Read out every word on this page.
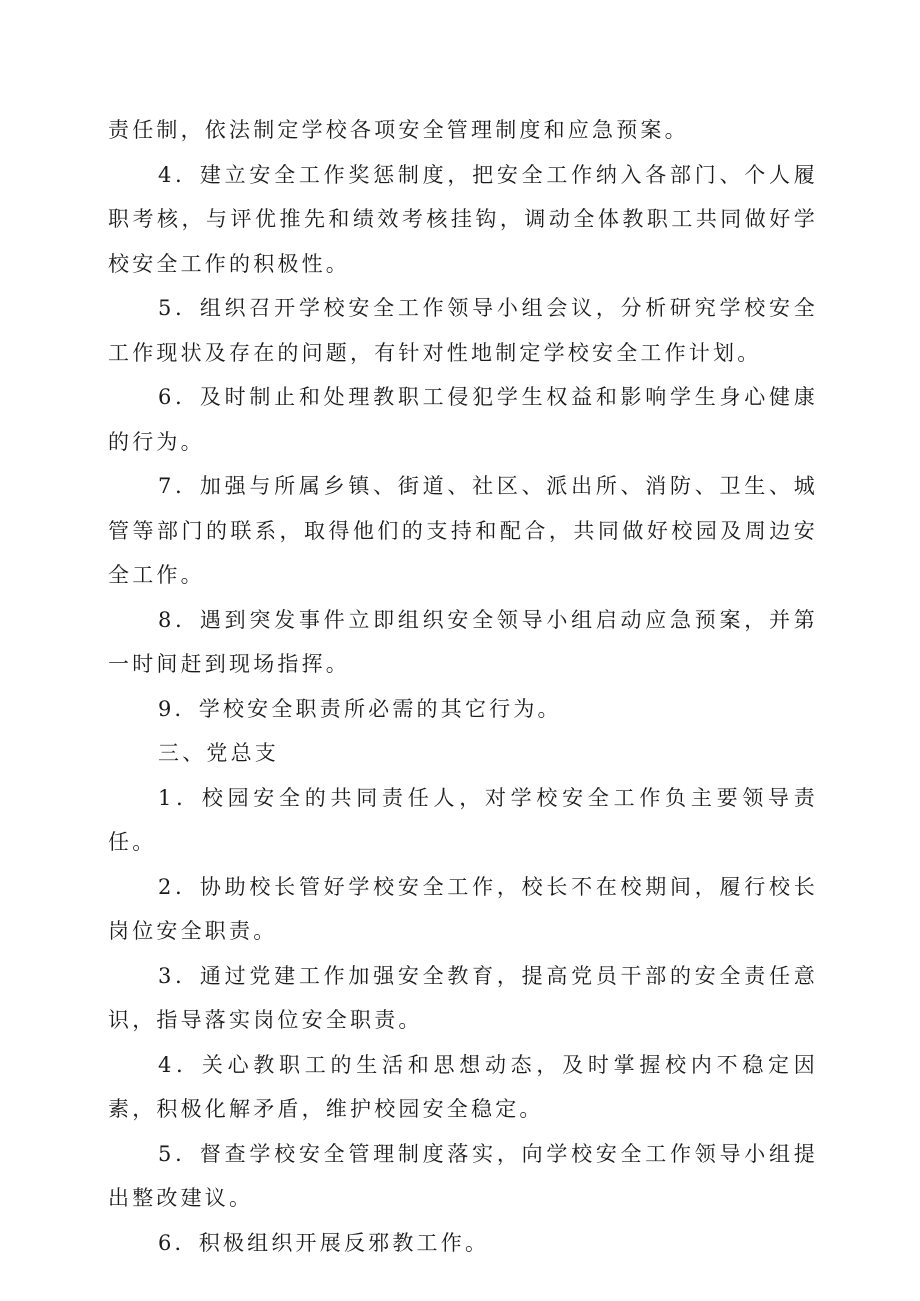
责任制，依法制定学校各项安全管理制度和应急预案。

4．建立安全工作奖惩制度，把安全工作纳入各部门、个人履职考核，与评优推先和绩效考核挂钩，调动全体教职工共同做好学校安全工作的积极性。

5．组织召开学校安全工作领导小组会议，分析研究学校安全工作现状及存在的问题，有针对性地制定学校安全工作计划。

6．及时制止和处理教职工侵犯学生权益和影响学生身心健康的行为。

7．加强与所属乡镇、街道、社区、派出所、消防、卫生、城管等部门的联系，取得他们的支持和配合，共同做好校园及周边安全工作。

8．遇到突发事件立即组织安全领导小组启动应急预案，并第一时间赶到现场指挥。

9．学校安全职责所必需的其它行为。

三、党总支

1．校园安全的共同责任人，对学校安全工作负主要领导责任。

2．协助校长管好学校安全工作，校长不在校期间，履行校长岗位安全职责。

3．通过党建工作加强安全教育，提高党员干部的安全责任意识，指导落实岗位安全职责。

4．关心教职工的生活和思想动态，及时掌握校内不稳定因素，积极化解矛盾，维护校园安全稳定。

5．督查学校安全管理制度落实，向学校安全工作领导小组提出整改建议。

6．积极组织开展反邪教工作。
